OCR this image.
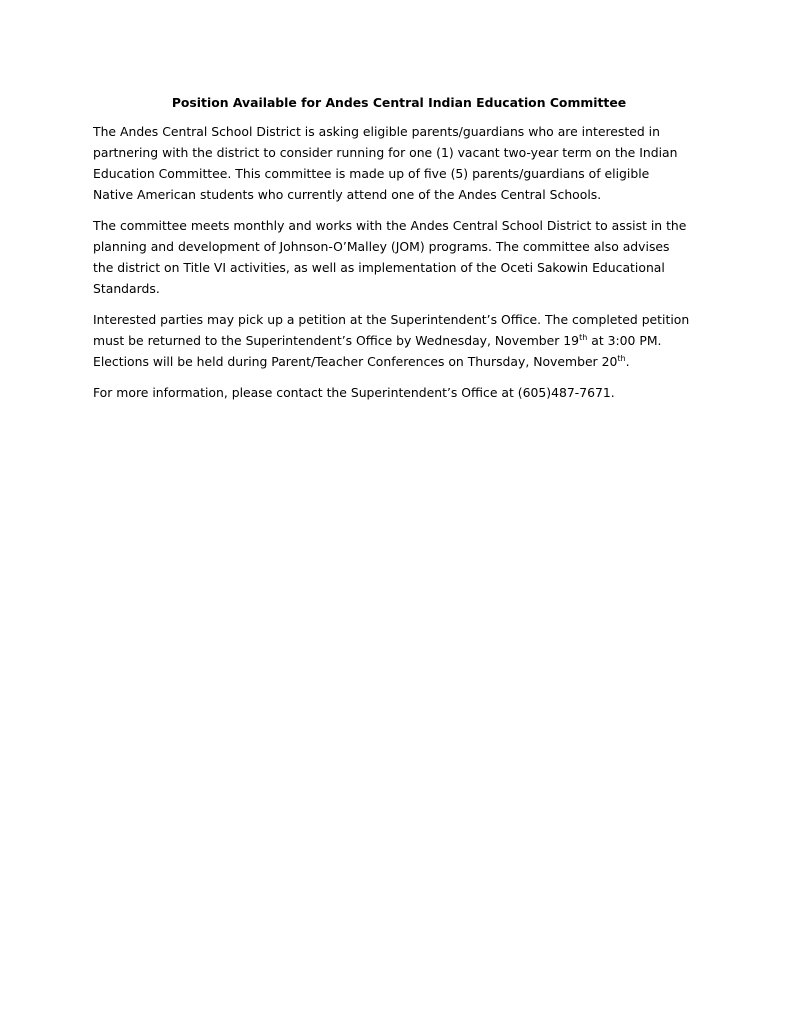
Position Available for Andes Central Indian Education Committee

The Andes Central School District is asking eligible parents/guardians who are interested in
partnering with the district to consider running for one (1) vacant two-year term on the Indian
Education Committee. This committee is made up of five (5) parents/guardians of eligible
Native American students who currently attend one of the Andes Central Schools.

The committee meets monthly and works with the Andes Central School District to assist in the
planning and development of Johnson-O’Malley (JOM) programs. The committee also advises
the district on Title VI activities, as well as implementation of the Oceti Sakowin Educational
Standards.

Interested parties may pick up a petition at the Superintendent’s Office. The completed petition
must be returned to the Superintendent’s Office by Wednesday, November 19th at 3:00 PM.
Elections will be held during Parent/Teacher Conferences on Thursday, November 20th.

For more information, please contact the Superintendent’s Office at (605)487-7671.
